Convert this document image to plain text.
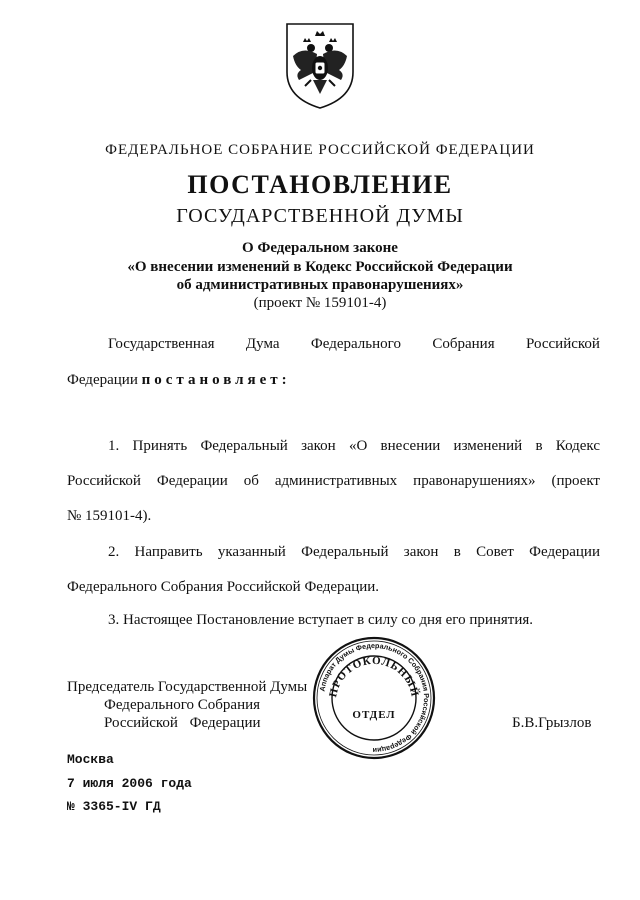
ФЕДЕРАЛЬНОЕ СОБРАНИЕ РОССИЙСКОЙ ФЕДЕРАЦИИ
ПОСТАНОВЛЕНИЕ
ГОСУДАРСТВЕННОЙ ДУМЫ
О Федеральном законе
«О внесении изменений в Кодекс Российской Федерации
об административных правонарушениях»
(проект № 159101-4)
Государственная Дума Федерального Собрания Российской
Федерации постановляет:
1. Принять Федеральный закон «О внесении изменений в Кодекс
Российской Федерации об административных правонарушениях» (проект
№ 159101-4).
2. Направить указанный Федеральный закон в Совет Федерации
Федерального Собрания Российской Федерации.
3. Настоящее Постановление вступает в силу со дня его принятия.
Председатель Государственной Думы
Федерального Собрания
Российской Федерации	Б.В.Грызлов
Аппарат Думы Федерального Собрания Российской Федерации
ПРОТОКОЛЬНЫЙ
ОТДЕЛ
Москва
7 июля 2006 года
№ 3365-IV ГД
